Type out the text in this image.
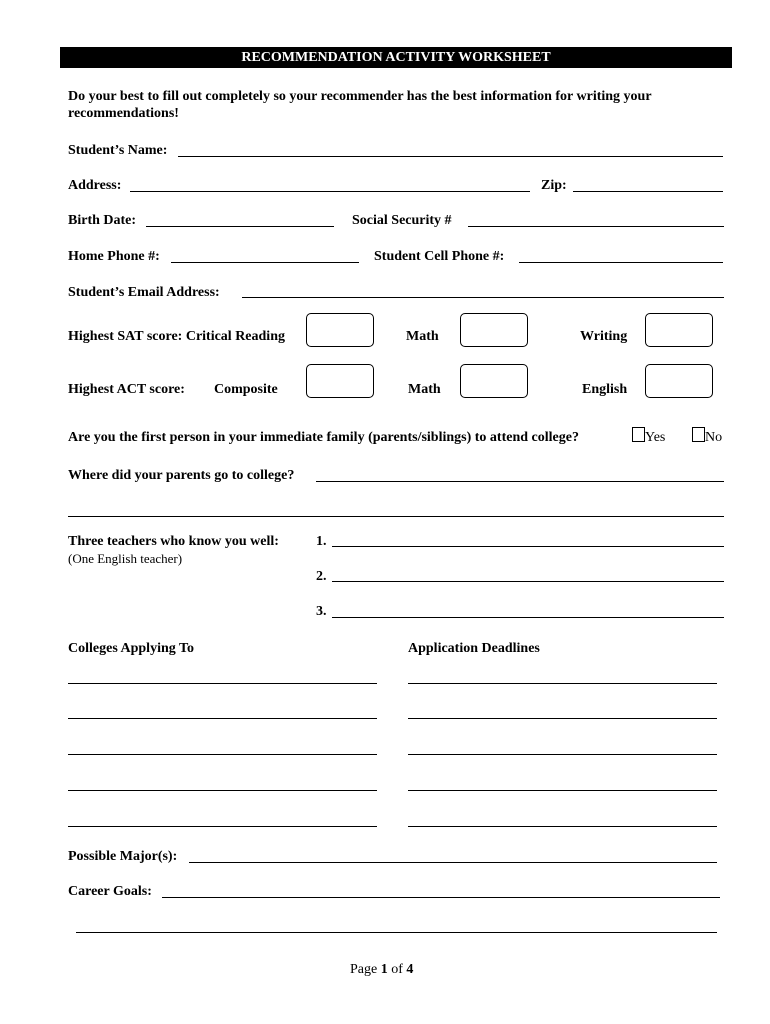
RECOMMENDATION ACTIVITY WORKSHEET
Do your best to fill out completely so your recommender has the best information for writing your
recommendations!
Student’s Name:
Address:	Zip:
Birth Date:	Social Security #
Home Phone #:	Student Cell Phone #:
Student’s Email Address:
Highest SAT score: Critical Reading	Math	Writing
Highest ACT score: Composite	Math	English
Are you the first person in your immediate family (parents/siblings) to attend college?	Yes	No
Where did your parents go to college?
Three teachers who know you well:
(One English teacher)
1.
2.
3.
Colleges Applying To	Application Deadlines
Possible Major(s):
Career Goals:
Page 1 of 4
